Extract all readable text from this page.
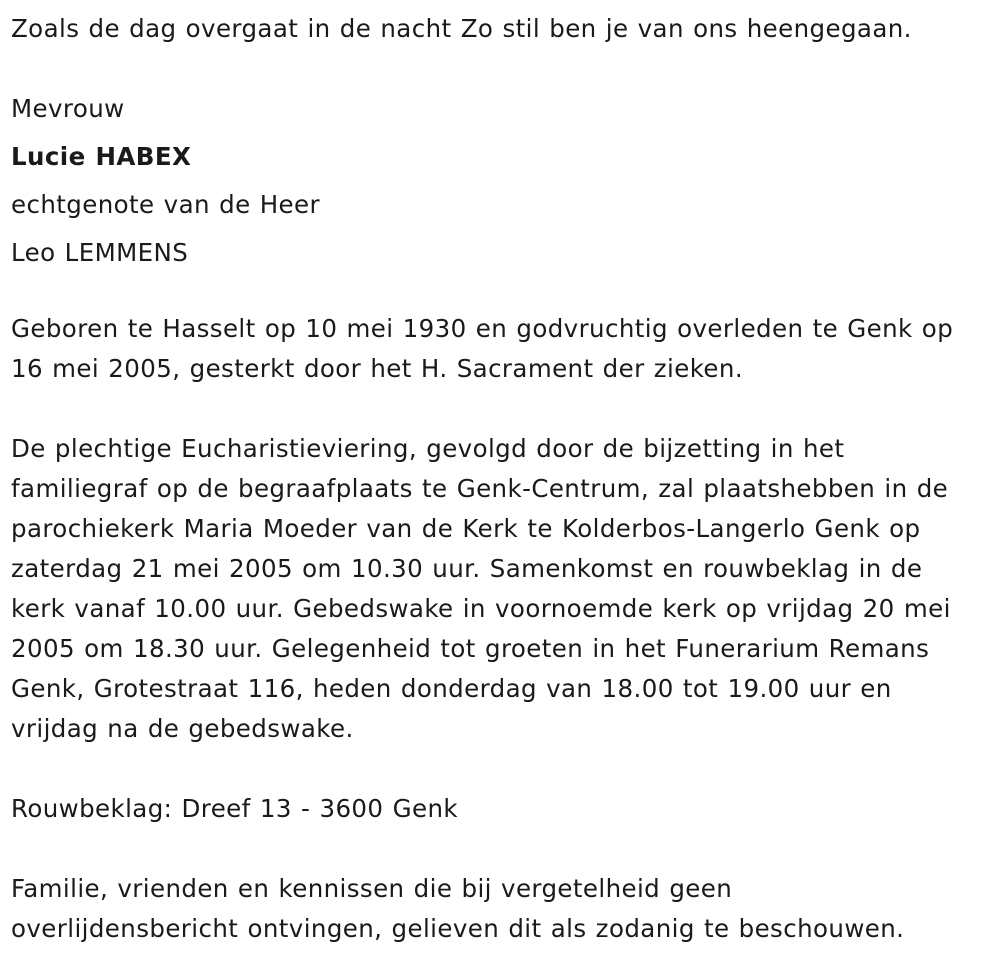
Zoals de dag overgaat in de nacht Zo stil ben je van ons heengegaan.
Mevrouw
Lucie HABEX
echtgenote van de Heer
Leo LEMMENS
Geboren te Hasselt op 10 mei 1930 en godvruchtig overleden te Genk op
16 mei 2005, gesterkt door het H. Sacrament der zieken.
De plechtige Eucharistieviering, gevolgd door de bijzetting in het
familiegraf op de begraafplaats te Genk-Centrum, zal plaatshebben in de
parochiekerk Maria Moeder van de Kerk te Kolderbos-Langerlo Genk op
zaterdag 21 mei 2005 om 10.30 uur. Samenkomst en rouwbeklag in de
kerk vanaf 10.00 uur. Gebedswake in voornoemde kerk op vrijdag 20 mei
2005 om 18.30 uur. Gelegenheid tot groeten in het Funerarium Remans
Genk, Grotestraat 116, heden donderdag van 18.00 tot 19.00 uur en
vrijdag na de gebedswake.
Rouwbeklag: Dreef 13 - 3600 Genk
Familie, vrienden en kennissen die bij vergetelheid geen
overlijdensbericht ontvingen, gelieven dit als zodanig te beschouwen.
